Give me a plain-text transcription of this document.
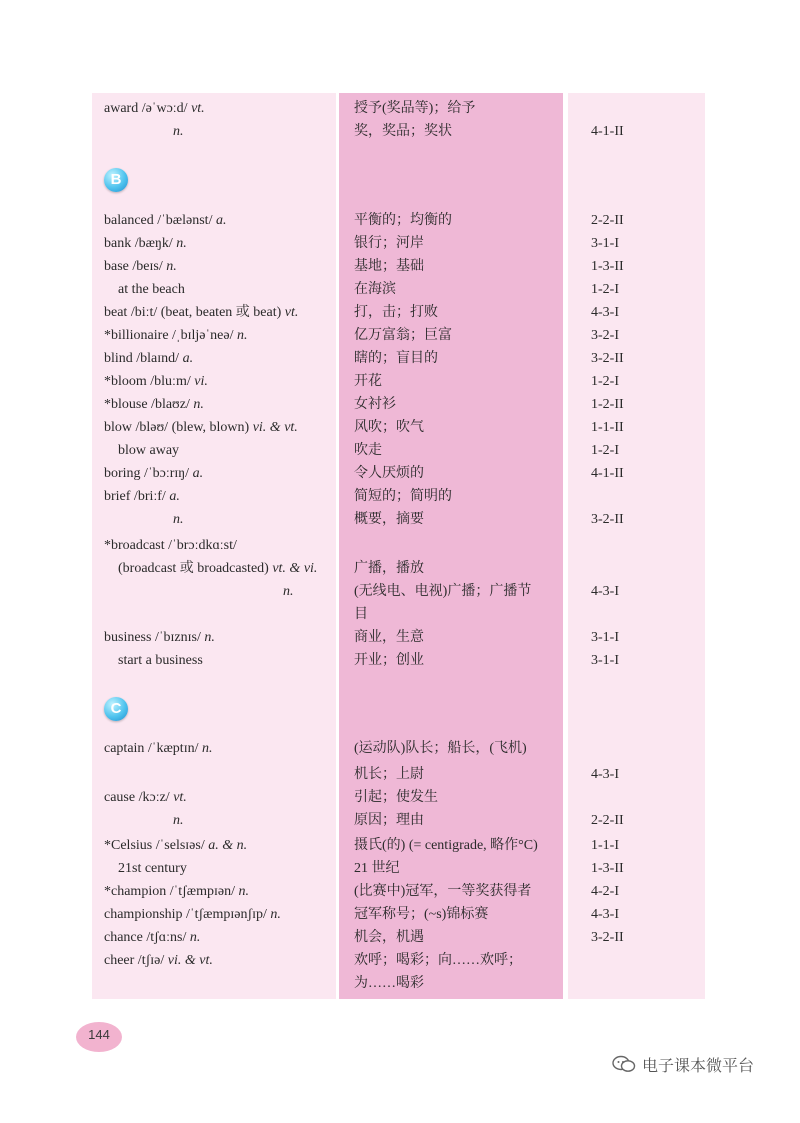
award /əˈwɔːd/ vt.	授予(奖品等)；给予
n.	奖，奖品；奖状	4-1-II
balanced /ˈbælənst/ a.	平衡的；均衡的	2-2-II
bank /bæŋk/ n.	银行；河岸	3-1-I
base /beɪs/ n.	基地；基础	1-3-II
at the beach	在海滨	1-2-I
beat /biːt/ (beat, beaten 或 beat) vt.	打，击；打败	4-3-I
*billionaire /ˌbɪljəˈneə/ n.	亿万富翁；巨富	3-2-I
blind /blaɪnd/ a.	瞎的；盲目的	3-2-II
*bloom /bluːm/ vi.	开花	1-2-I
*blouse /blaʊz/ n.	女衬衫	1-2-II
blow /bləʊ/ (blew, blown) vi. & vt.	风吹；吹气	1-1-II
blow away	吹走	1-2-I
boring /ˈbɔːrɪŋ/ a.	令人厌烦的	4-1-II
brief /briːf/ a.	简短的；简明的
n.	概要，摘要	3-2-II
*broadcast /ˈbrɔːdkɑːst/
(broadcast 或 broadcasted) vt. & vi.	广播，播放
n.	(无线电、电视)广播；广播节	4-3-I
目
business /ˈbɪznɪs/ n.	商业，生意	3-1-I
start a business	开业；创业	3-1-I
captain /ˈkæptɪn/ n.	(运动队)队长；船长，(飞机)
机长；上尉	4-3-I
cause /kɔːz/ vt.	引起；使发生
n.	原因；理由	2-2-II
*Celsius /ˈselsɪəs/ a. & n.	摄氏(的) (= centigrade, 略作°C)	1-1-I
21st century	21 世纪	1-3-II
*champion /ˈtʃæmpɪən/ n.	(比赛中)冠军，一等奖获得者	4-2-I
championship /ˈtʃæmpɪənʃɪp/ n.	冠军称号；(~s)锦标赛	4-3-I
chance /tʃɑːns/ n.	机会，机遇	3-2-II
cheer /tʃɪə/ vi. & vt.	欢呼；喝彩；向……欢呼；
为……喝彩
B
C
144
电子课本微平台
